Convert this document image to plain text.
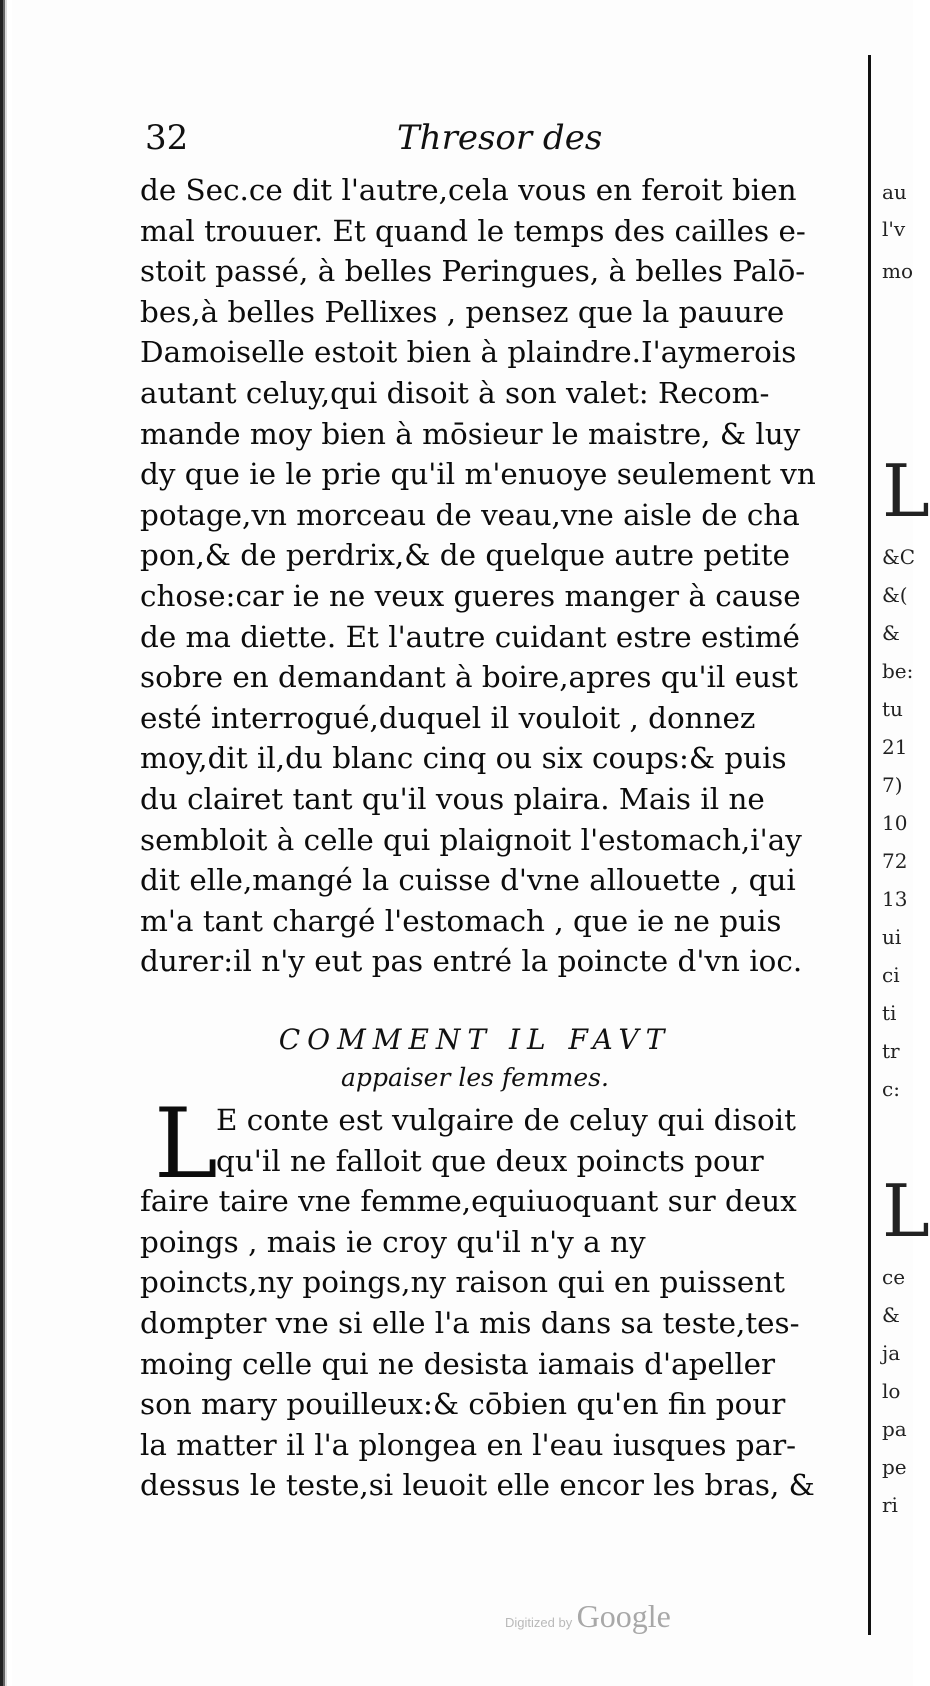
32	Thresor des
de Sec.ce dit l'autre,cela vous en feroit bien
mal trouuer. Et quand le temps des cailles e-
stoit passé, à belles Peringues, à belles Palō-
bes,à belles Pellixes , pensez que la pauure
Damoiselle estoit bien à plaindre.I'aymerois
autant celuy,qui disoit à son valet: Recom-
mande moy bien à mōsieur le maistre, & luy
dy que ie le prie qu'il m'enuoye seulement vn
potage,vn morceau de veau,vne aisle de cha
pon,& de perdrix,& de quelque autre petite
chose:car ie ne veux gueres manger à cause
de ma diette. Et l'autre cuidant estre estimé
sobre en demandant à boire,apres qu'il eust
esté interrogué,duquel il vouloit , donnez
moy,dit il,du blanc cinq ou six coups:& puis
du clairet tant qu'il vous plaira. Mais il ne
sembloit à celle qui plaignoit l'estomach,i'ay
dit elle,mangé la cuisse d'vne allouette , qui
m'a tant chargé l'estomach , que ie ne puis
durer:il n'y eut pas entré la poincte d'vn ioc.
COMMENT IL FAVT
appaiser les femmes.
L
E conte est vulgaire de celuy qui disoit
qu'il ne falloit que deux poincts pour
faire taire vne femme,equiuoquant sur deux
poings , mais ie croy qu'il n'y a ny
poincts,ny poings,ny raison qui en puissent
dompter vne si elle l'a mis dans sa teste,tes-
moing celle qui ne desista iamais d'apeller
son mary pouilleux:& cōbien qu'en fin pour
la matter il l'a plongea en l'eau iusques par-
dessus le teste,si leuoit elle encor les bras, &
au
l'v
mo
L
&C
&(
&
be:
tu
21
7)
10
72
13
ui
ci
ti
tr
c:
L
ce
&
ja
lo
pa
pe
ri
Digitized by Google
